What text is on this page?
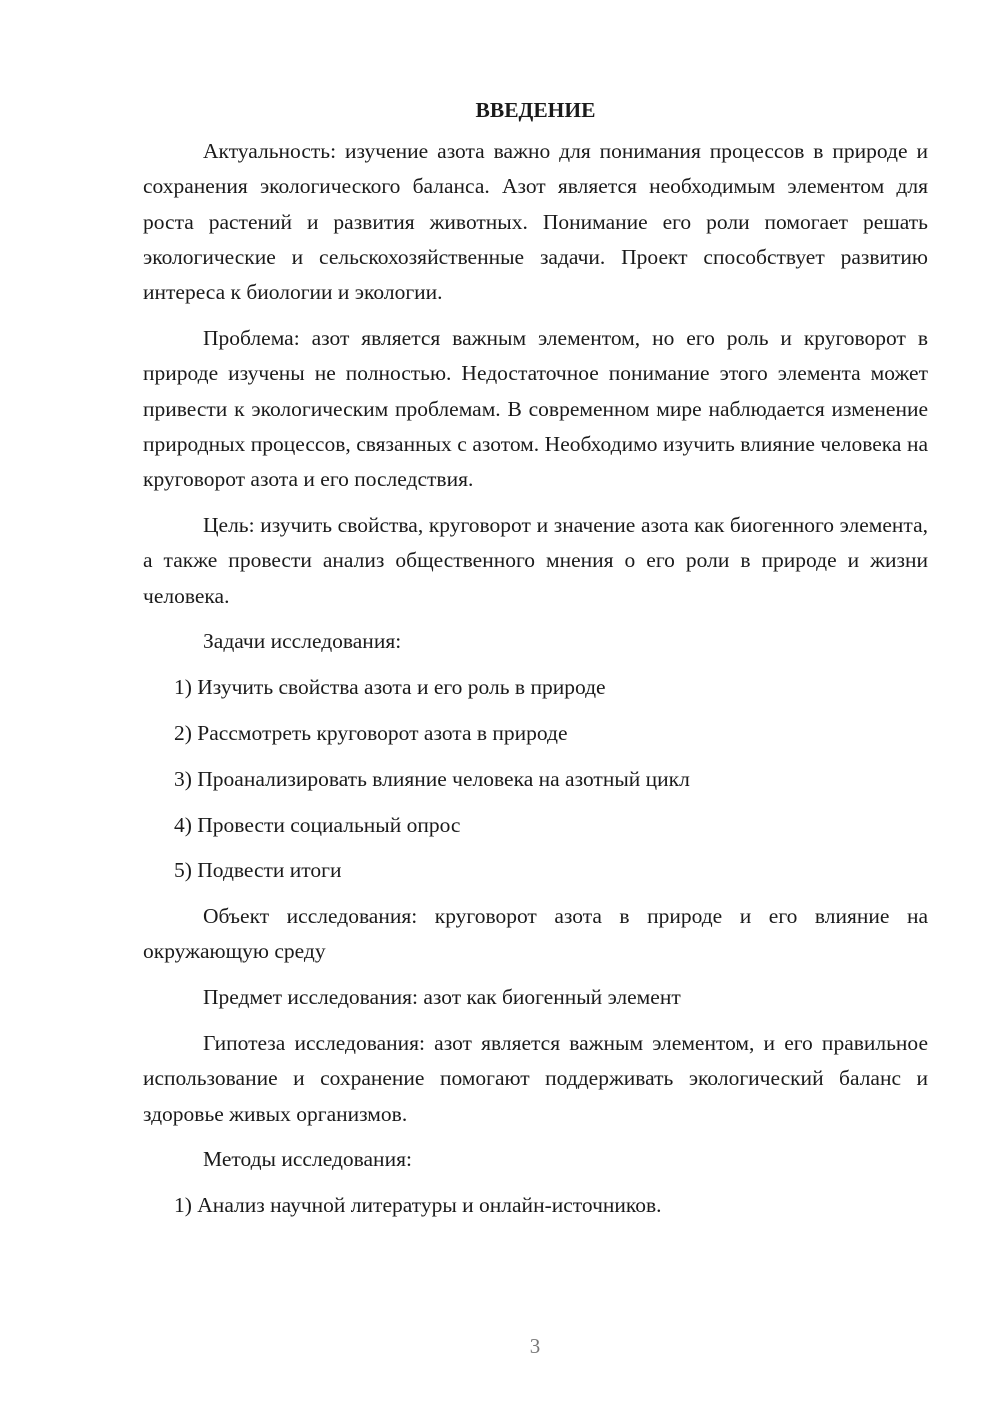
ВВЕДЕНИЕ

Актуальность: изучение азота важно для понимания процессов в природе и сохранения экологического баланса. Азот является необходимым элементом для роста растений и развития животных. Понимание его роли помогает решать экологические и сельскохозяйственные задачи. Проект способствует развитию интереса к биологии и экологии.

Проблема: азот является важным элементом, но его роль и круговорот в природе изучены не полностью. Недостаточное понимание этого элемента может привести к экологическим проблемам. В современном мире наблюдается изменение природных процессов, связанных с азотом. Необходимо изучить влияние человека на круговорот азота и его последствия.

Цель: изучить свойства, круговорот и значение азота как биогенного элемента, а также провести анализ общественного мнения о его роли в природе и жизни человека.

Задачи исследования:

1) Изучить свойства азота и его роль в природе

2) Рассмотреть круговорот азота в природе

3) Проанализировать влияние человека на азотный цикл

4) Провести социальный опрос

5) Подвести итоги

Объект исследования: круговорот азота в природе и его влияние на окружающую среду

Предмет исследования: азот как биогенный элемент

Гипотеза исследования: азот является важным элементом, и его правильное использование и сохранение помогают поддерживать экологический баланс и здоровье живых организмов.

Методы исследования:

1) Анализ научной литературы и онлайн-источников.

3
